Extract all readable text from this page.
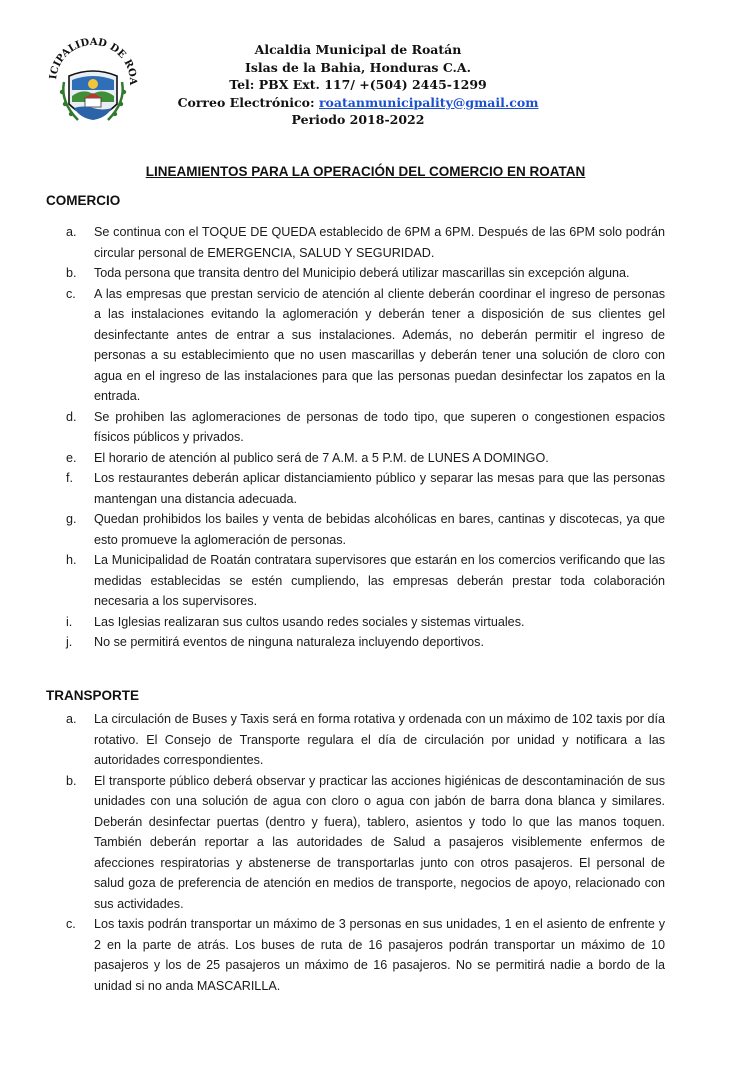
ICIPALIDAD DE ROA
Alcaldia Municipal de Roatán
Islas de la Bahia, Honduras C.A.
Tel: PBX Ext. 117/ +(504) 2445-1299
Correo Electrónico: roatanmunicipality@gmail.com
Periodo 2018-2022
LINEAMIENTOS PARA LA OPERACIÓN DEL COMERCIO EN ROATAN
COMERCIO
a. Se continua con el TOQUE DE QUEDA establecido de 6PM a 6PM. Después de las 6PM solo podrán circular personal de EMERGENCIA, SALUD Y SEGURIDAD.
b. Toda persona que transita dentro del Municipio deberá utilizar mascarillas sin excepción alguna.
c. A las empresas que prestan servicio de atención al cliente deberán coordinar el ingreso de personas a las instalaciones evitando la aglomeración y deberán tener a disposición de sus clientes gel desinfectante antes de entrar a sus instalaciones. Además, no deberán permitir el ingreso de personas a su establecimiento que no usen mascarillas y deberán tener una solución de cloro con agua en el ingreso de las instalaciones para que las personas puedan desinfectar los zapatos en la entrada.
d. Se prohiben las aglomeraciones de personas de todo tipo, que superen o congestionen espacios físicos públicos y privados.
e. El horario de atención al publico será de 7 A.M. a 5 P.M. de LUNES A DOMINGO.
f. Los restaurantes deberán aplicar distanciamiento público y separar las mesas para que las personas mantengan una distancia adecuada.
g. Quedan prohibidos los bailes y venta de bebidas alcohólicas en bares, cantinas y discotecas, ya que esto promueve la aglomeración de personas.
h. La Municipalidad de Roatán contratara supervisores que estarán en los comercios verificando que las medidas establecidas se estén cumpliendo, las empresas deberán prestar toda colaboración necesaria a los supervisores.
i. Las Iglesias realizaran sus cultos usando redes sociales y sistemas virtuales.
j. No se permitirá eventos de ninguna naturaleza incluyendo deportivos.
TRANSPORTE
a. La circulación de Buses y Taxis será en forma rotativa y ordenada con un máximo de 102 taxis por día rotativo. El Consejo de Transporte regulara el día de circulación por unidad y notificara a las autoridades correspondientes.
b. El transporte público deberá observar y practicar las acciones higiénicas de descontaminación de sus unidades con una solución de agua con cloro o agua con jabón de barra dona blanca y similares. Deberán desinfectar puertas (dentro y fuera), tablero, asientos y todo lo que las manos toquen. También deberán reportar a las autoridades de Salud a pasajeros visiblemente enfermos de afecciones respiratorias y abstenerse de transportarlas junto con otros pasajeros. El personal de salud goza de preferencia de atención en medios de transporte, negocios de apoyo, relacionado con sus actividades.
c. Los taxis podrán transportar un máximo de 3 personas en sus unidades, 1 en el asiento de enfrente y 2 en la parte de atrás. Los buses de ruta de 16 pasajeros podrán transportar un máximo de 10 pasajeros y los de 25 pasajeros un máximo de 16 pasajeros. No se permitirá nadie a bordo de la unidad si no anda MASCARILLA.
